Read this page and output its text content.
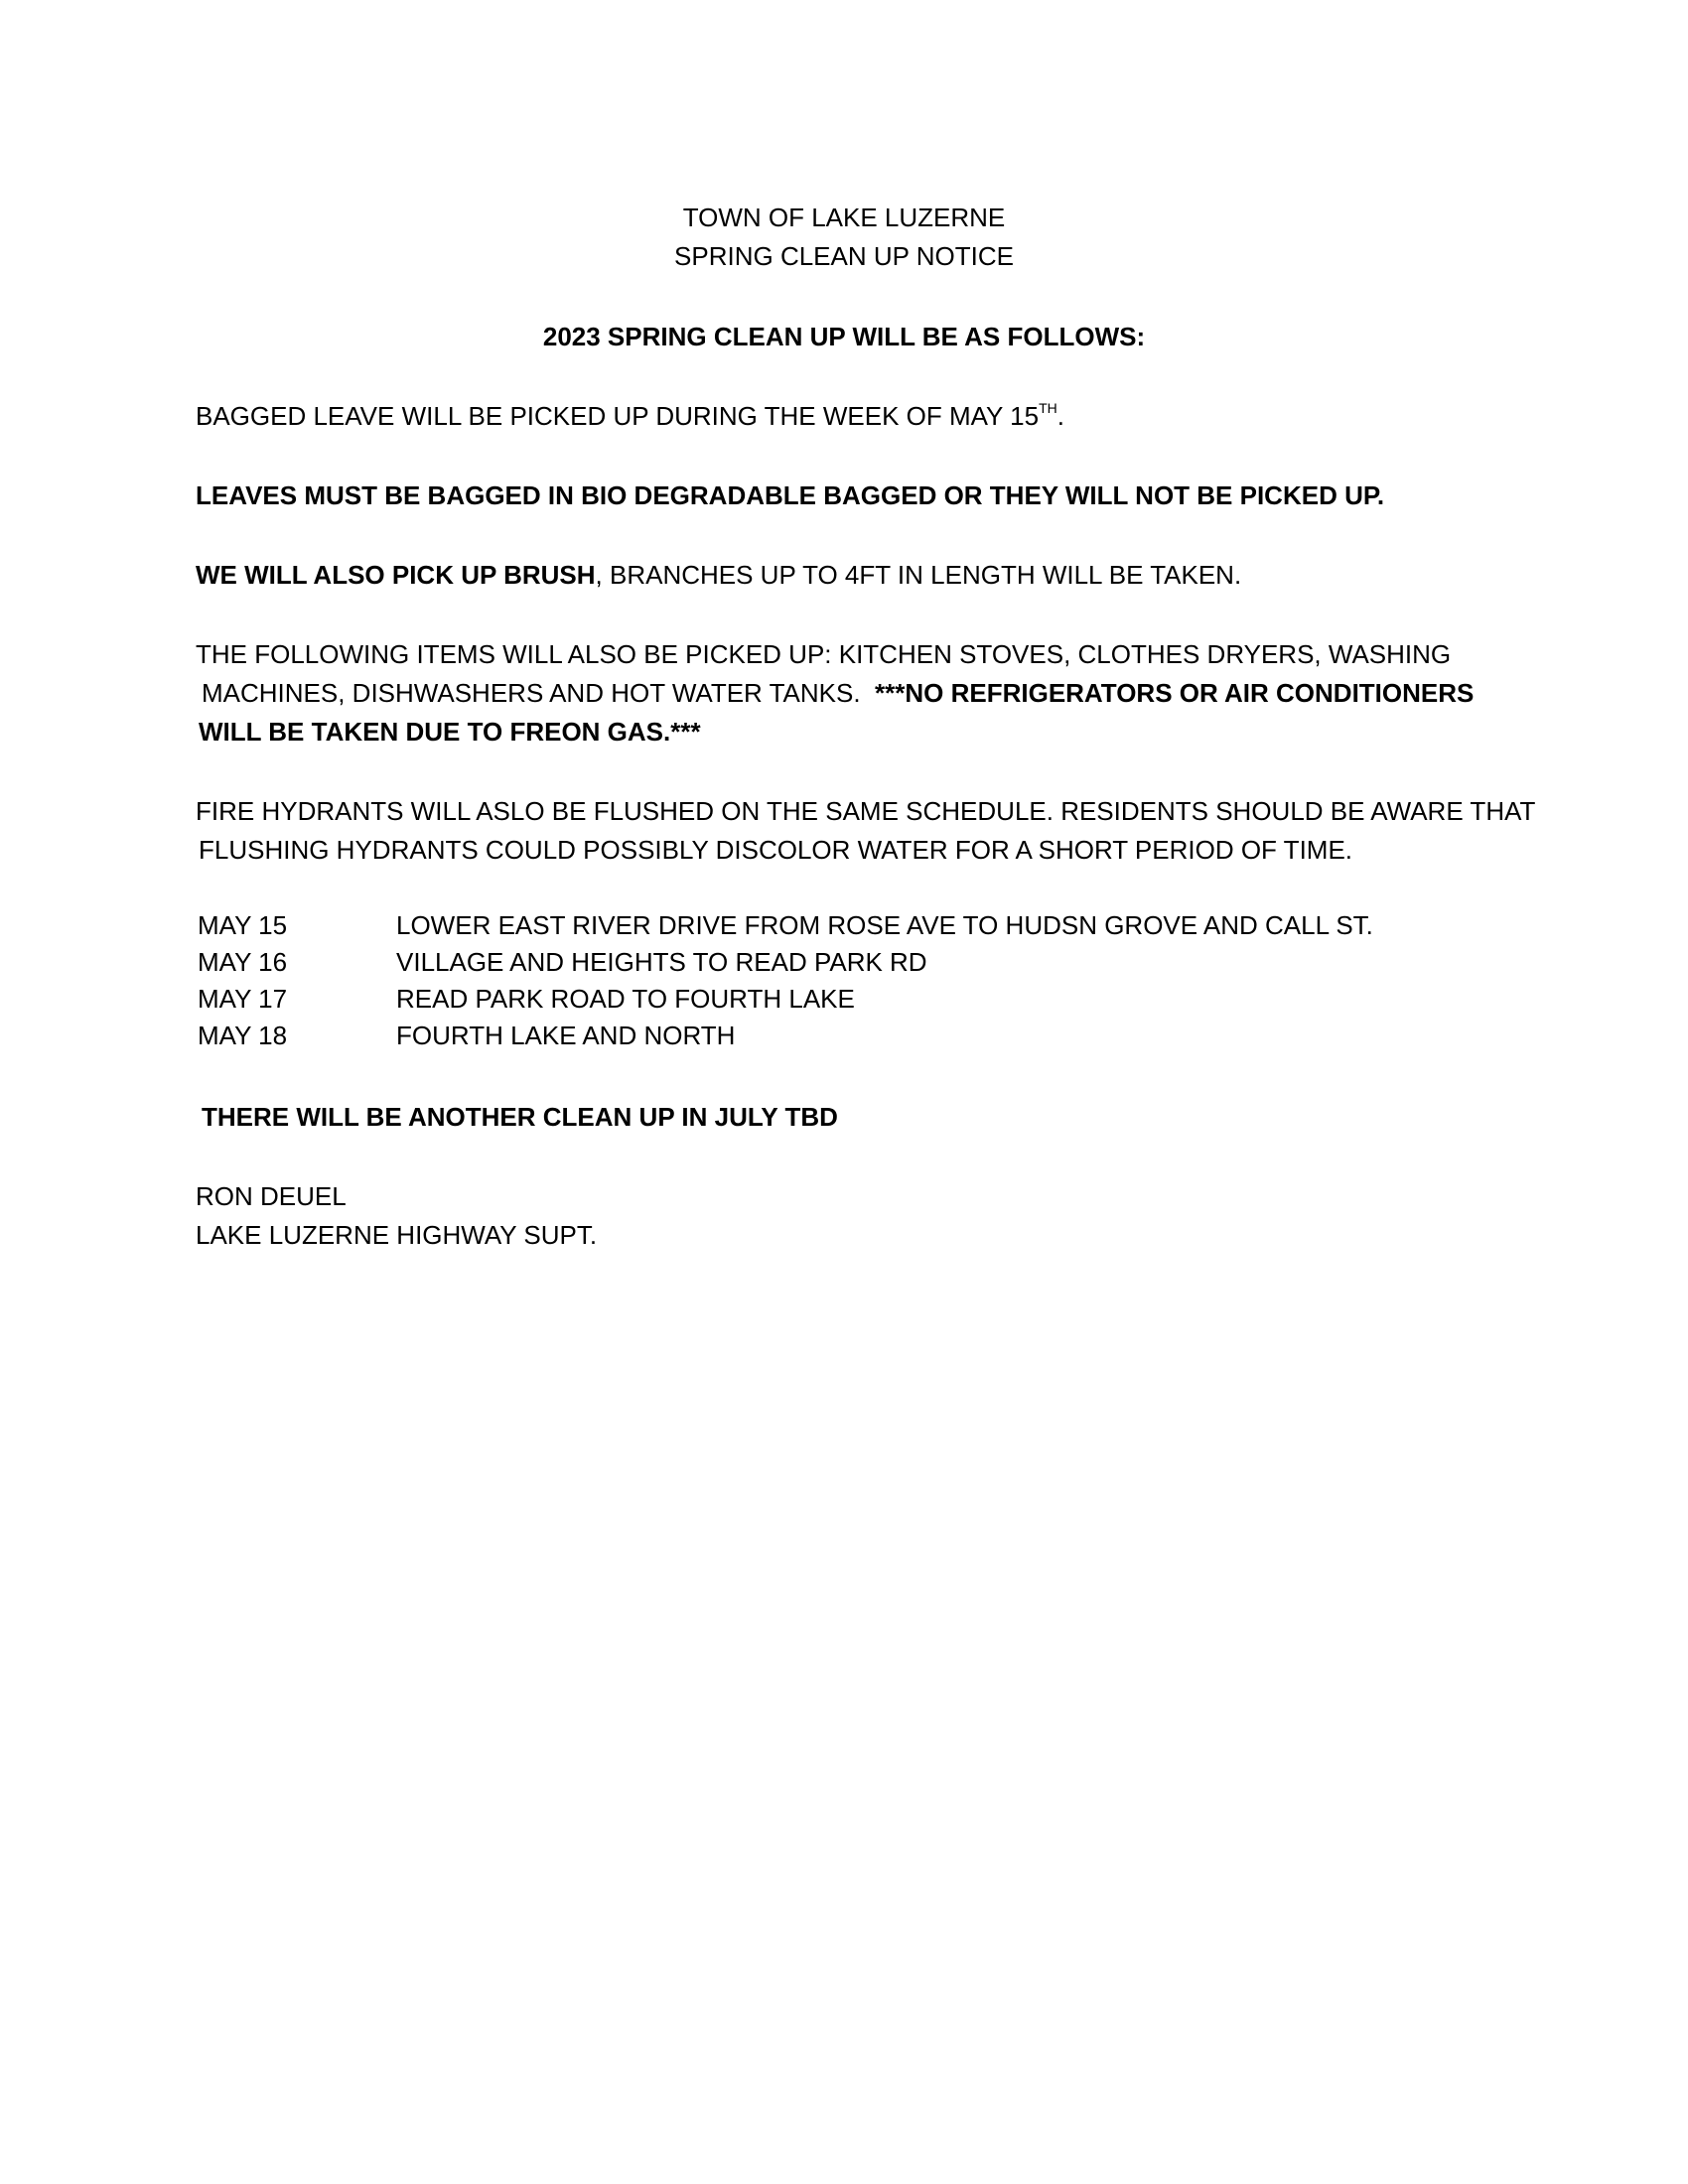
TOWN OF LAKE LUZERNE
SPRING CLEAN UP NOTICE
2023 SPRING CLEAN UP WILL BE AS FOLLOWS:
BAGGED LEAVE WILL BE PICKED UP DURING THE WEEK OF MAY 15TH.
LEAVES MUST BE BAGGED IN BIO DEGRADABLE BAGGED OR THEY WILL NOT BE PICKED UP.
WE WILL ALSO PICK UP BRUSH, BRANCHES UP TO 4FT IN LENGTH WILL BE TAKEN.
THE FOLLOWING ITEMS WILL ALSO BE PICKED UP: KITCHEN STOVES, CLOTHES DRYERS, WASHING
MACHINES, DISHWASHERS AND HOT WATER TANKS.  ***NO REFRIGERATORS OR AIR CONDITIONERS
WILL BE TAKEN DUE TO FREON GAS.***
FIRE HYDRANTS WILL ASLO BE FLUSHED ON THE SAME SCHEDULE. RESIDENTS SHOULD BE AWARE THAT
FLUSHING HYDRANTS COULD POSSIBLY DISCOLOR WATER FOR A SHORT PERIOD OF TIME.
MAY 15	LOWER EAST RIVER DRIVE FROM ROSE AVE TO HUDSN GROVE AND CALL ST.
MAY 16	VILLAGE AND HEIGHTS TO READ PARK RD
MAY 17	READ PARK ROAD TO FOURTH LAKE
MAY 18	FOURTH LAKE AND NORTH
THERE WILL BE ANOTHER CLEAN UP IN JULY TBD
RON DEUEL
LAKE LUZERNE HIGHWAY SUPT.
